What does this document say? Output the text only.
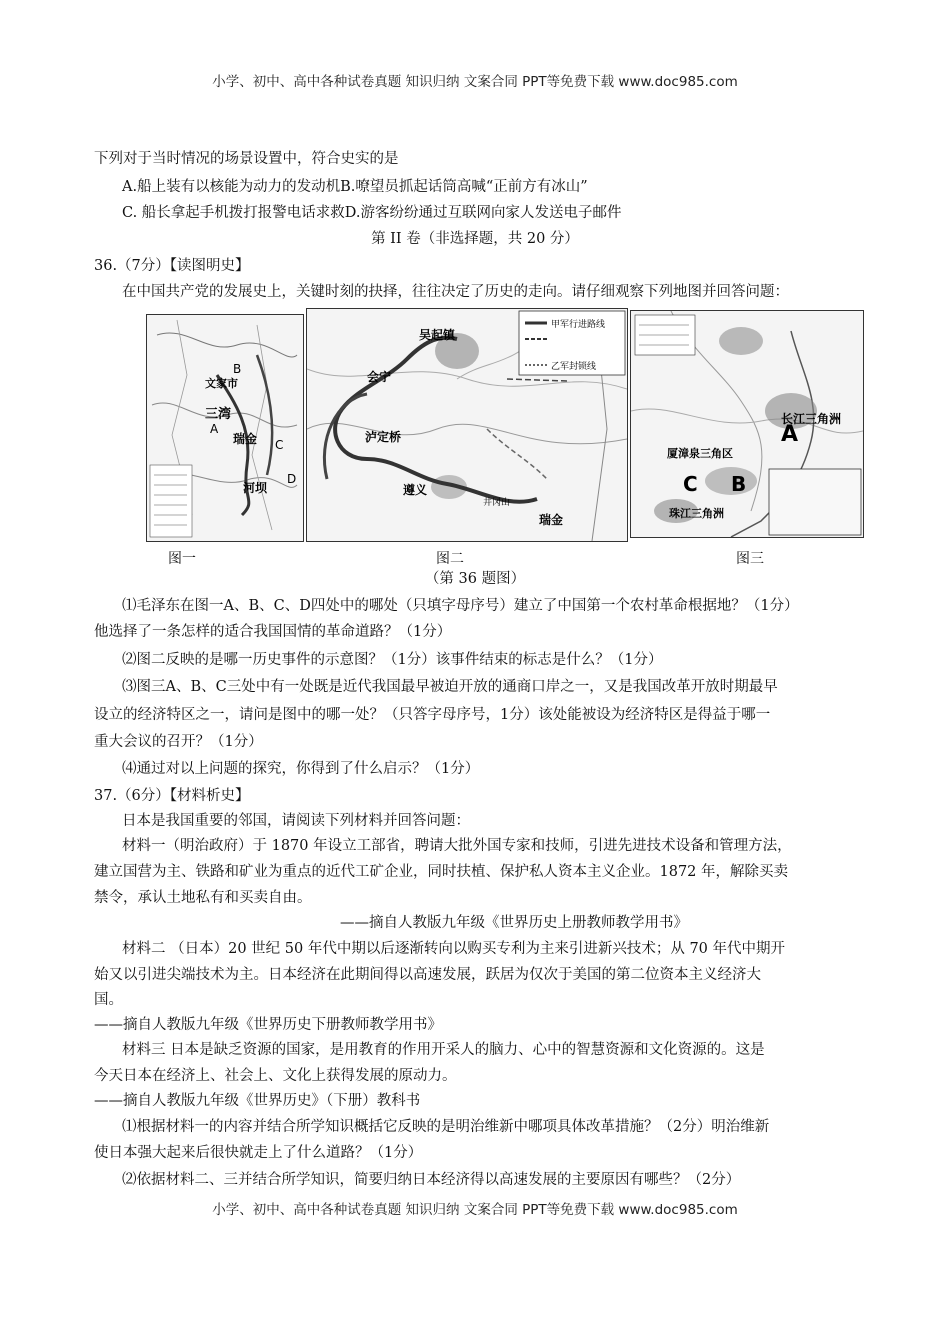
小学、初中、高中各种试卷真题 知识归纳 文案合同 PPT等免费下载 www.doc985.com
下列对于当时情况的场景设置中，符合史实的是
A.船上装有以核能为动力的发动机B.嘹望员抓起话筒高喊“正前方有冰山”
C. 船长拿起手机拨打报警电话求救D.游客纷纷通过互联网向家人发送电子邮件
第 II 卷（非选择题，共 20 分）
36.（7分）【读图明史】
在中国共产党的发展史上，关键时刻的抉择，往往决定了历史的走向。请仔细观察下列地图并回答问题：
文家市
三湾
瑞金
河坝
A
B
C
D
吴起镇
会宁
泸定桥
遵义
瑞金
井冈山
甲军行进路线
乙军封锁线
长江三角洲
厦漳泉三角区
珠江三角洲
A
B
C
图一	图二	图三
（第 36 题图）
⑴毛泽东在图一A、B、C、D四处中的哪处（只填字母序号）建立了中国第一个农村革命根据地？（1分）
他选择了一条怎样的适合我国国情的革命道路？（1分）
⑵图二反映的是哪一历史事件的示意图？（1分）该事件结束的标志是什么？（1分）
⑶图三A、B、C三处中有一处既是近代我国最早被迫开放的通商口岸之一，又是我国改革开放时期最早
设立的经济特区之一，请问是图中的哪一处？（只答字母序号，1分）该处能被设为经济特区是得益于哪一
重大会议的召开？（1分）
⑷通过对以上问题的探究，你得到了什么启示？（1分）
37.（6分）【材料析史】
日本是我国重要的邻国，请阅读下列材料并回答问题：
材料一（明治政府）于 1870 年设立工部省，聘请大批外国专家和技师，引进先进技术设备和管理方法，
建立国营为主、铁路和矿业为重点的近代工矿企业，同时扶植、保护私人资本主义企业。1872 年，解除买卖
禁令，承认土地私有和买卖自由。
——摘自人教版九年级《世界历史上册教师教学用书》
材料二 （日本）20 世纪 50 年代中期以后逐渐转向以购买专利为主来引进新兴技术；从 70 年代中期开
始又以引进尖端技术为主。日本经济在此期间得以高速发展，跃居为仅次于美国的第二位资本主义经济大
国。
——摘自人教版九年级《世界历史下册教师教学用书》
材料三 日本是缺乏资源的国家，是用教育的作用开采人的脑力、心中的智慧资源和文化资源的。这是
今天日本在经济上、社会上、文化上获得发展的原动力。
——摘自人教版九年级《世界历史》（下册）教科书
⑴根据材料一的内容并结合所学知识概括它反映的是明治维新中哪项具体改革措施？（2分）明治维新
使日本强大起来后很快就走上了什么道路？（1分）
⑵依据材料二、三并结合所学知识，简要归纳日本经济得以高速发展的主要原因有哪些？（2分）
小学、初中、高中各种试卷真题 知识归纳 文案合同 PPT等免费下载 www.doc985.com
